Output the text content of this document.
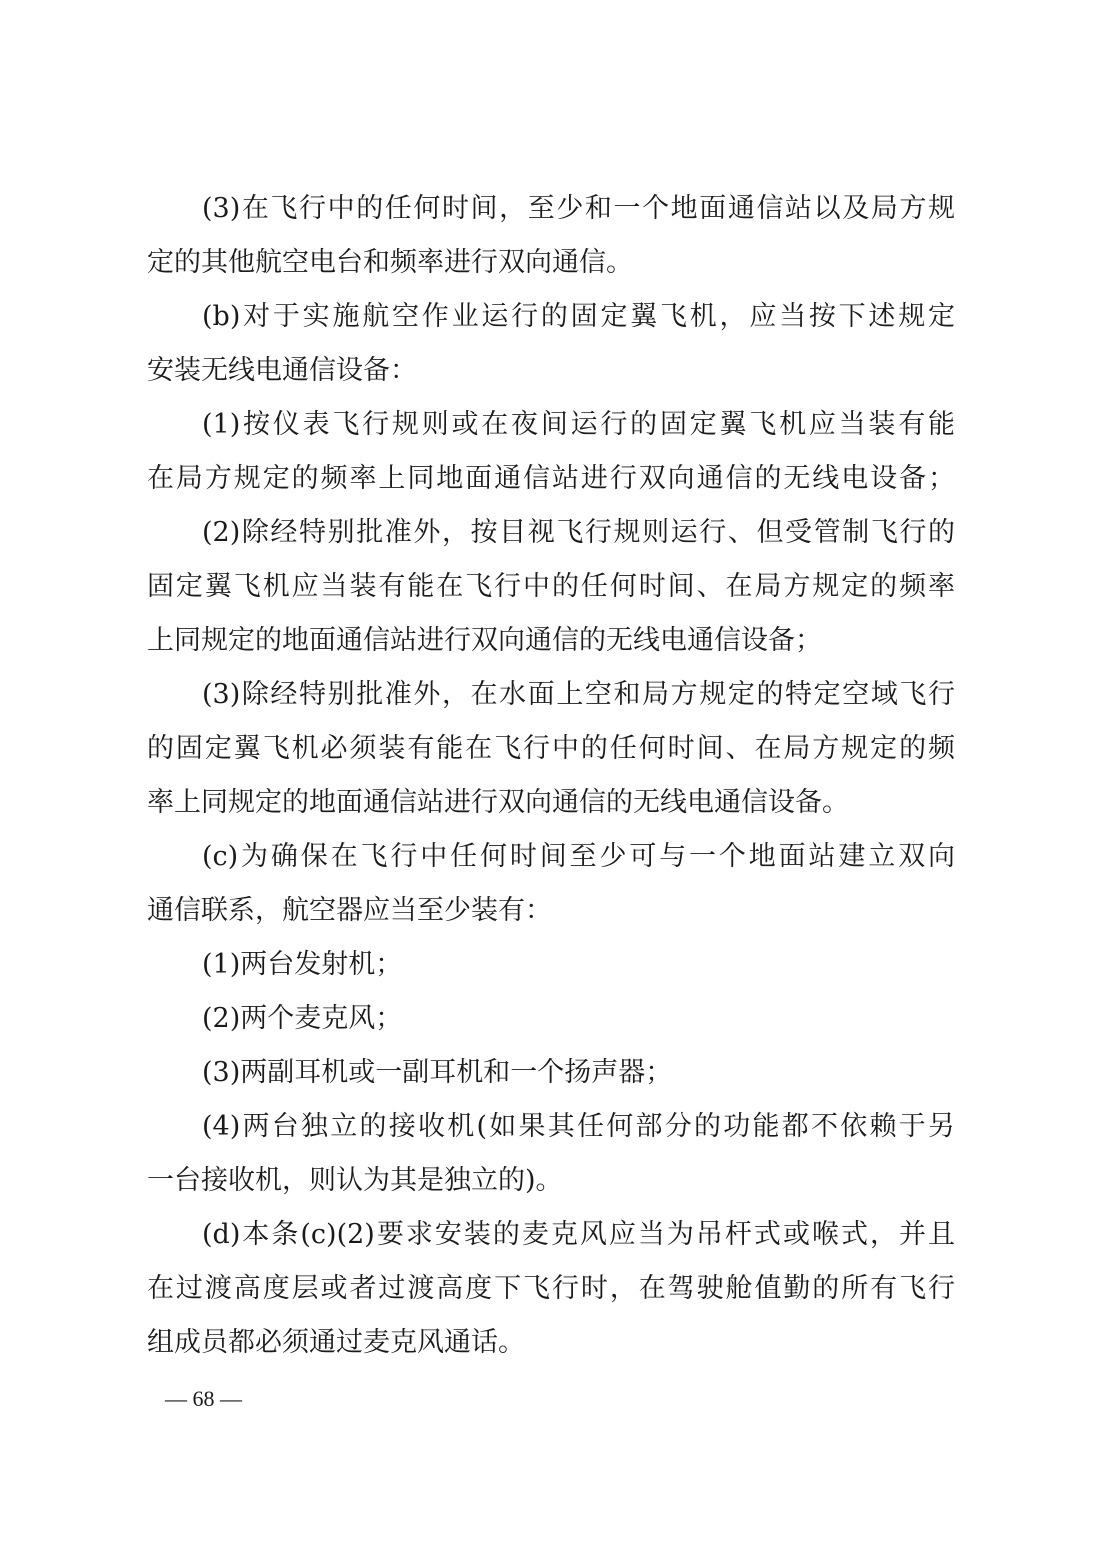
(3)在飞行中的任何时间，至少和一个地面通信站以及局方规
定的其他航空电台和频率进行双向通信。
(b)对于实施航空作业运行的固定翼飞机，应当按下述规定
安装无线电通信设备：
(1)按仪表飞行规则或在夜间运行的固定翼飞机应当装有能
在局方规定的频率上同地面通信站进行双向通信的无线电设备；
(2)除经特别批准外，按目视飞行规则运行、但受管制飞行的
固定翼飞机应当装有能在飞行中的任何时间、在局方规定的频率
上同规定的地面通信站进行双向通信的无线电通信设备；
(3)除经特别批准外，在水面上空和局方规定的特定空域飞行
的固定翼飞机必须装有能在飞行中的任何时间、在局方规定的频
率上同规定的地面通信站进行双向通信的无线电通信设备。
(c)为确保在飞行中任何时间至少可与一个地面站建立双向
通信联系，航空器应当至少装有：
(1)两台发射机；
(2)两个麦克风；
(3)两副耳机或一副耳机和一个扬声器；
(4)两台独立的接收机(如果其任何部分的功能都不依赖于另
一台接收机，则认为其是独立的)。
(d)本条(c)(2)要求安装的麦克风应当为吊杆式或喉式，并且
在过渡高度层或者过渡高度下飞行时，在驾驶舱值勤的所有飞行
组成员都必须通过麦克风通话。
— 68 —
